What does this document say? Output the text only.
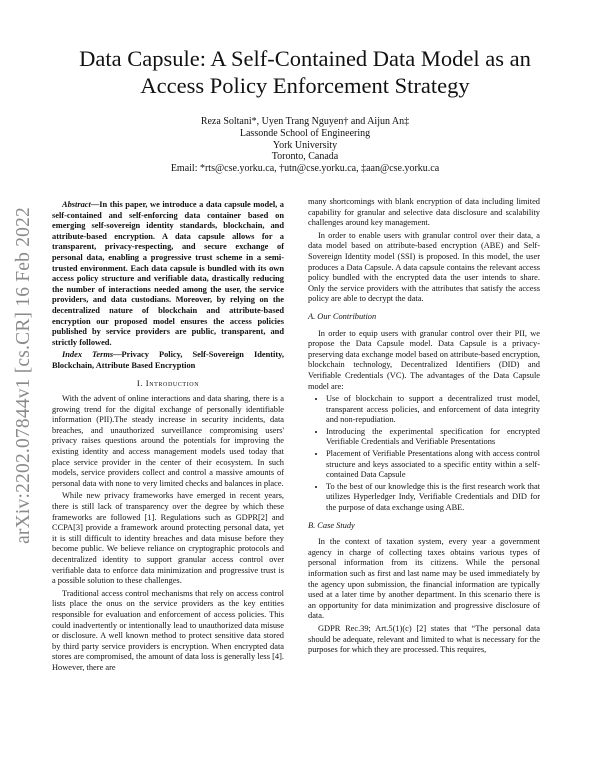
arXiv:2202.07844v1 [cs.CR] 16 Feb 2022
Data Capsule: A Self-Contained Data Model as an Access Policy Enforcement Strategy
Reza Soltani*, Uyen Trang Nguyen† and Aijun An‡
Lassonde School of Engineering
York University
Toronto, Canada
Email: *rts@cse.yorku.ca, †utn@cse.yorku.ca, ‡aan@cse.yorku.ca

Abstract—In this paper, we introduce a data capsule model, a self-contained and self-enforcing data container based on emerging self-sovereign identity standards, blockchain, and attribute-based encryption. A data capsule allows for a transparent, privacy-respecting, and secure exchange of personal data, enabling a progressive trust scheme in a semi-trusted environment. Each data capsule is bundled with its own access policy structure and verifiable data, drastically reducing the number of interactions needed among the user, the service providers, and data custodians. Moreover, by relying on the decentralized nature of blockchain and attribute-based encryption our proposed model ensures the access policies published by service providers are public, transparent, and strictly followed.

Index Terms—Privacy Policy, Self-Sovereign Identity, Blockchain, Attribute Based Encryption

I. Introduction

With the advent of online interactions and data sharing, there is a growing trend for the digital exchange of personally identifiable information (PII).The steady increase in security incidents, data breaches, and unauthorized surveillance compromising users' privacy raises questions around the potentials for improving the existing identity and access management models used today that place service provider in the center of their ecosystem. In such models, service providers collect and control a massive amounts of personal data with none to very limited checks and balances in place.

While new privacy frameworks have emerged in recent years, there is still lack of transparency over the degree by which these frameworks are followed [1]. Regulations such as GDPR[2] and CCPA[3] provide a framework around protecting personal data, yet it is still difficult to identity breaches and data misuse before they become public. We believe reliance on cryptographic protocols and decentralized identity to support granular access control over verifiable data to enforce data minimization and progressive trust is a possible solution to these challenges.

Traditional access control mechanisms that rely on access control lists place the onus on the service providers as the key entities responsible for evaluation and enforcement of access policies. This could inadvertently or intentionally lead to unauthorized data misuse or disclosure. A well known method to protect sensitive data stored by third party service providers is encryption. When encrypted data stores are compromised, the amount of data loss is generally less [4]. However, there are

many shortcomings with blank encryption of data including limited capability for granular and selective data disclosure and scalability challenges around key management.

In order to enable users with granular control over their data, a data model based on attribute-based encryption (ABE) and Self-Sovereign Identity model (SSI) is proposed. In this model, the user produces a Data Capsule. A data capsule contains the relevant access policy bundled with the encrypted data the user intends to share. Only the service providers with the attributes that satisfy the access policy are able to decrypt the data.

A. Our Contribution

In order to equip users with granular control over their PII, we propose the Data Capsule model. Data Capsule is a privacy-preserving data exchange model based on attribute-based encryption, blockchain technology, Decentralized Identifiers (DID) and Verifiable Credentials (VC). The advantages of the Data Capsule model are:

• Use of blockchain to support a decentralized trust model, transparent access policies, and enforcement of data integrity and non-repudiation.
• Introducing the experimental specification for encrypted Verifiable Credentials and Verifiable Presentations
• Placement of Verifiable Presentations along with access control structure and keys associated to a specific entity within a self-contained Data Capsule
• To the best of our knowledge this is the first research work that utilizes Hyperledger Indy, Verifiable Credentials and DID for the purpose of data exchange using ABE.
B. Case Study

In the context of taxation system, every year a government agency in charge of collecting taxes obtains various types of personal information from its citizens. While the personal information such as first and last name may be used immediately by the agency upon submission, the financial information are typically used at a later time by another department. In this scenario there is an opportunity for data minimization and progressive disclosure of data.

GDPR Rec.39; Art.5(1)(c) [2] states that “The personal data should be adequate, relevant and limited to what is necessary for the purposes for which they are processed. This requires,
